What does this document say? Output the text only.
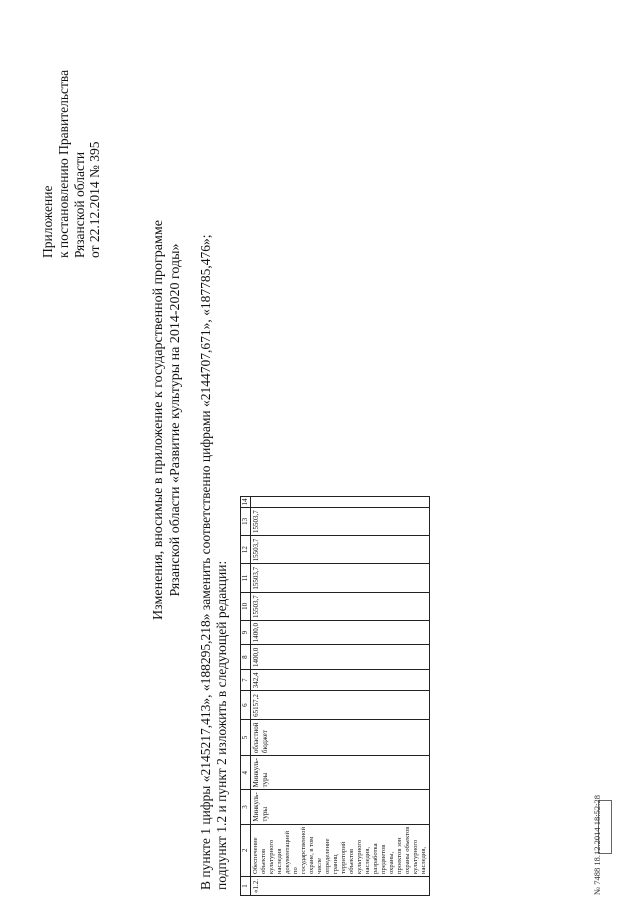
Приложение к постановлению Правительства Рязанской области от 22.12.2014 № 395
Изменения, вносимые в приложение к государственной программе Рязанской области «Развитие культуры на 2014-2020 годы» В пункте 1 цифры «2145217,413», «188295,218» заменить соответственно цифрами «2144707,671», «187785,476»; подпункт 1.2 и пункт 2 изложить в следующей редакции: 1	2	3	4	5	6	7	8	9	10	11	12	13	14
«1.2.	Обеспечение объектов культурного наследия документацией по государственной охране, в том числе определение границ территорий объектов культурного наследия, разработка предметов охраны, проектов зон охраны объектов культурного наследия,	Минкуль-туры	Минкуль-туры	областной бюджет	65157,2	342,4	1400,0	1400,0	15503,7	15503,7	15503,7	15503,7	
№ 7488 18.12.2014 18:52:28
